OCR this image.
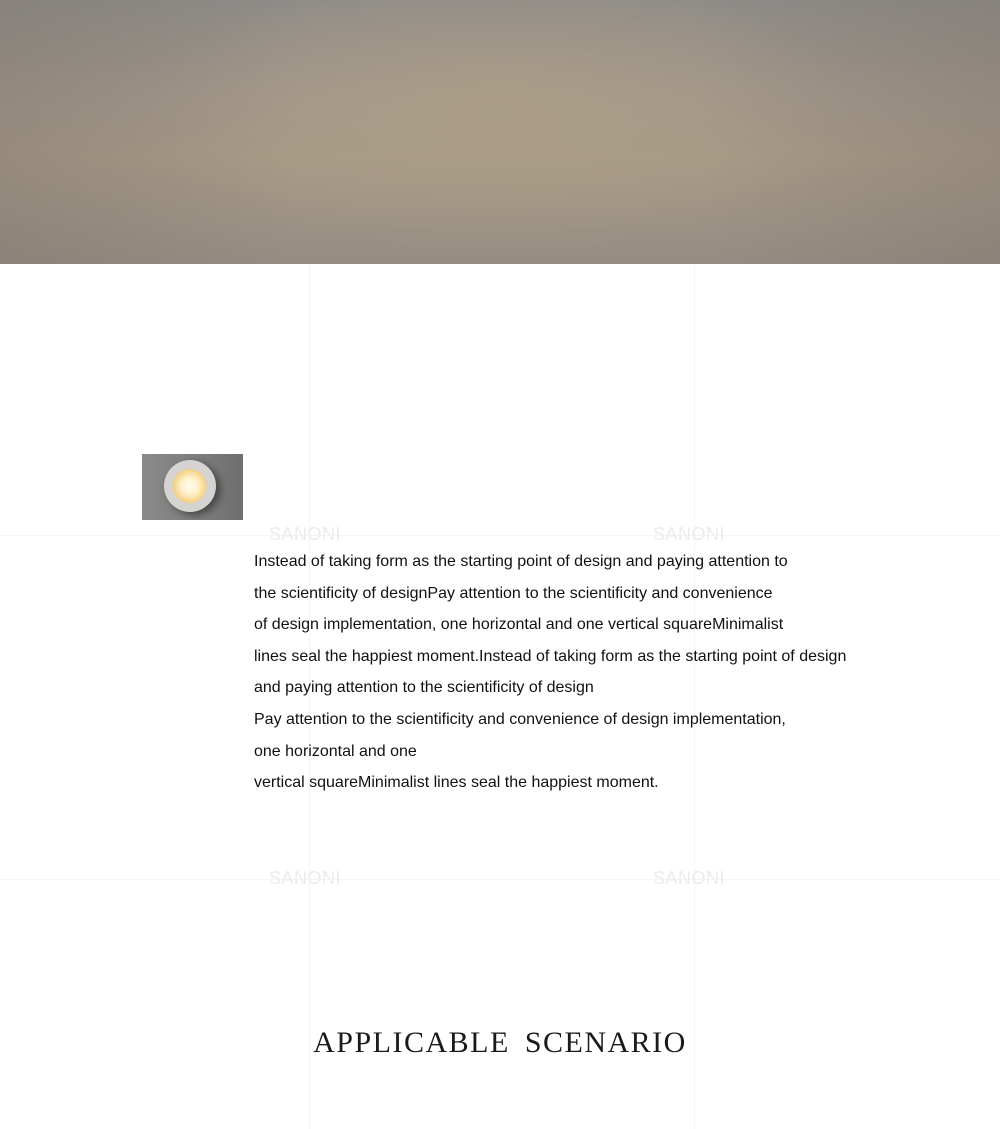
SANONI	SANONI
SANONI	SANONI
Instead of taking form as the starting point of design and paying attention to
the scientificity of designPay attention to the scientificity and convenience
of design implementation, one horizontal and one vertical squareMinimalist
lines seal the happiest moment.Instead of taking form as the starting point of design
and paying attention to the scientificity of design
Pay attention to the scientificity and convenience of design implementation,
one horizontal and one
vertical squareMinimalist lines seal the happiest moment.
APPLICABLE SCENARIO
